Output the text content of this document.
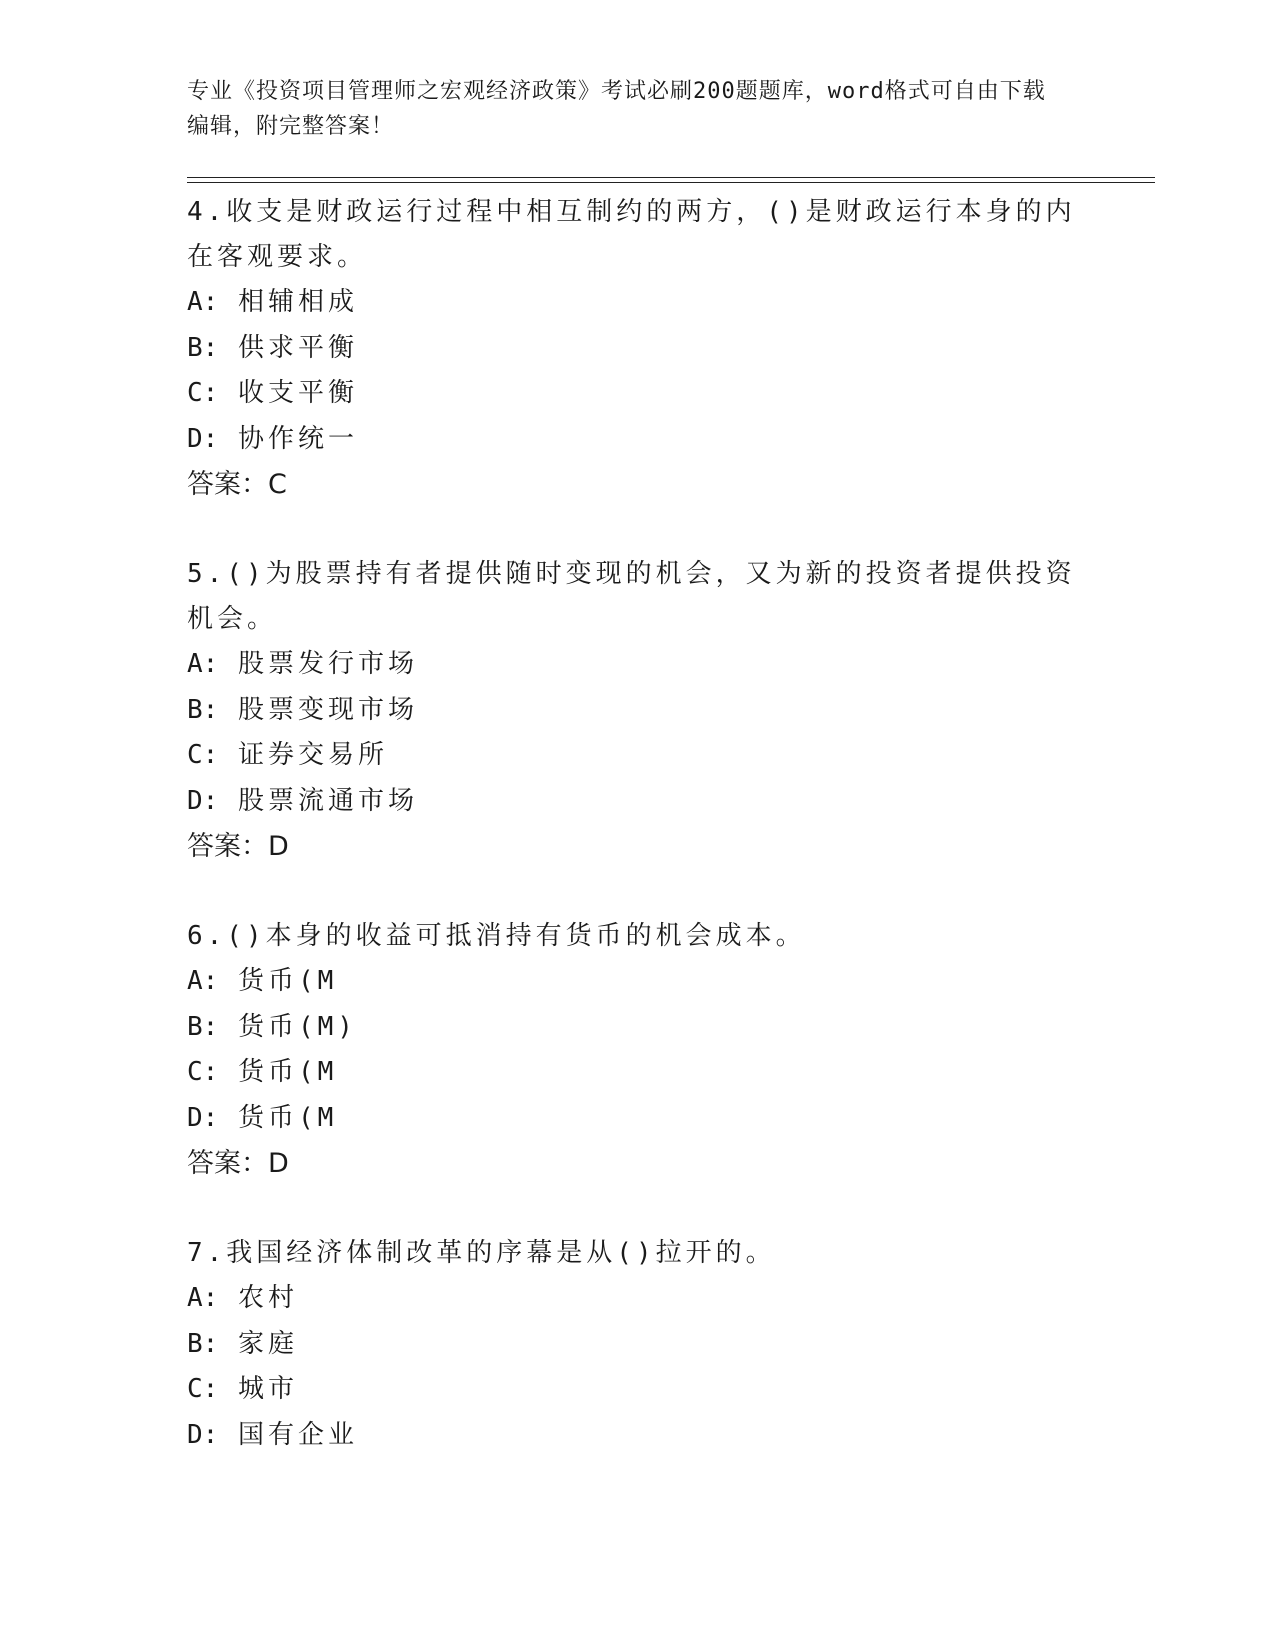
专业《投资项目管理师之宏观经济政策》考试必刷200题题库，word格式可自由下载编辑，附完整答案！

4.收支是财政运行过程中相互制约的两方，()是财政运行本身的内在客观要求。

A: 相辅相成

B: 供求平衡

C: 收支平衡

D: 协作统一

答案：C

5.()为股票持有者提供随时变现的机会，又为新的投资者提供投资机会。

A: 股票发行市场

B: 股票变现市场

C: 证券交易所

D: 股票流通市场

答案：D

6.()本身的收益可抵消持有货币的机会成本。

A: 货币(M

B: 货币(M)

C: 货币(M

D: 货币(M

答案：D

7.我国经济体制改革的序幕是从()拉开的。

A: 农村

B: 家庭

C: 城市

D: 国有企业
